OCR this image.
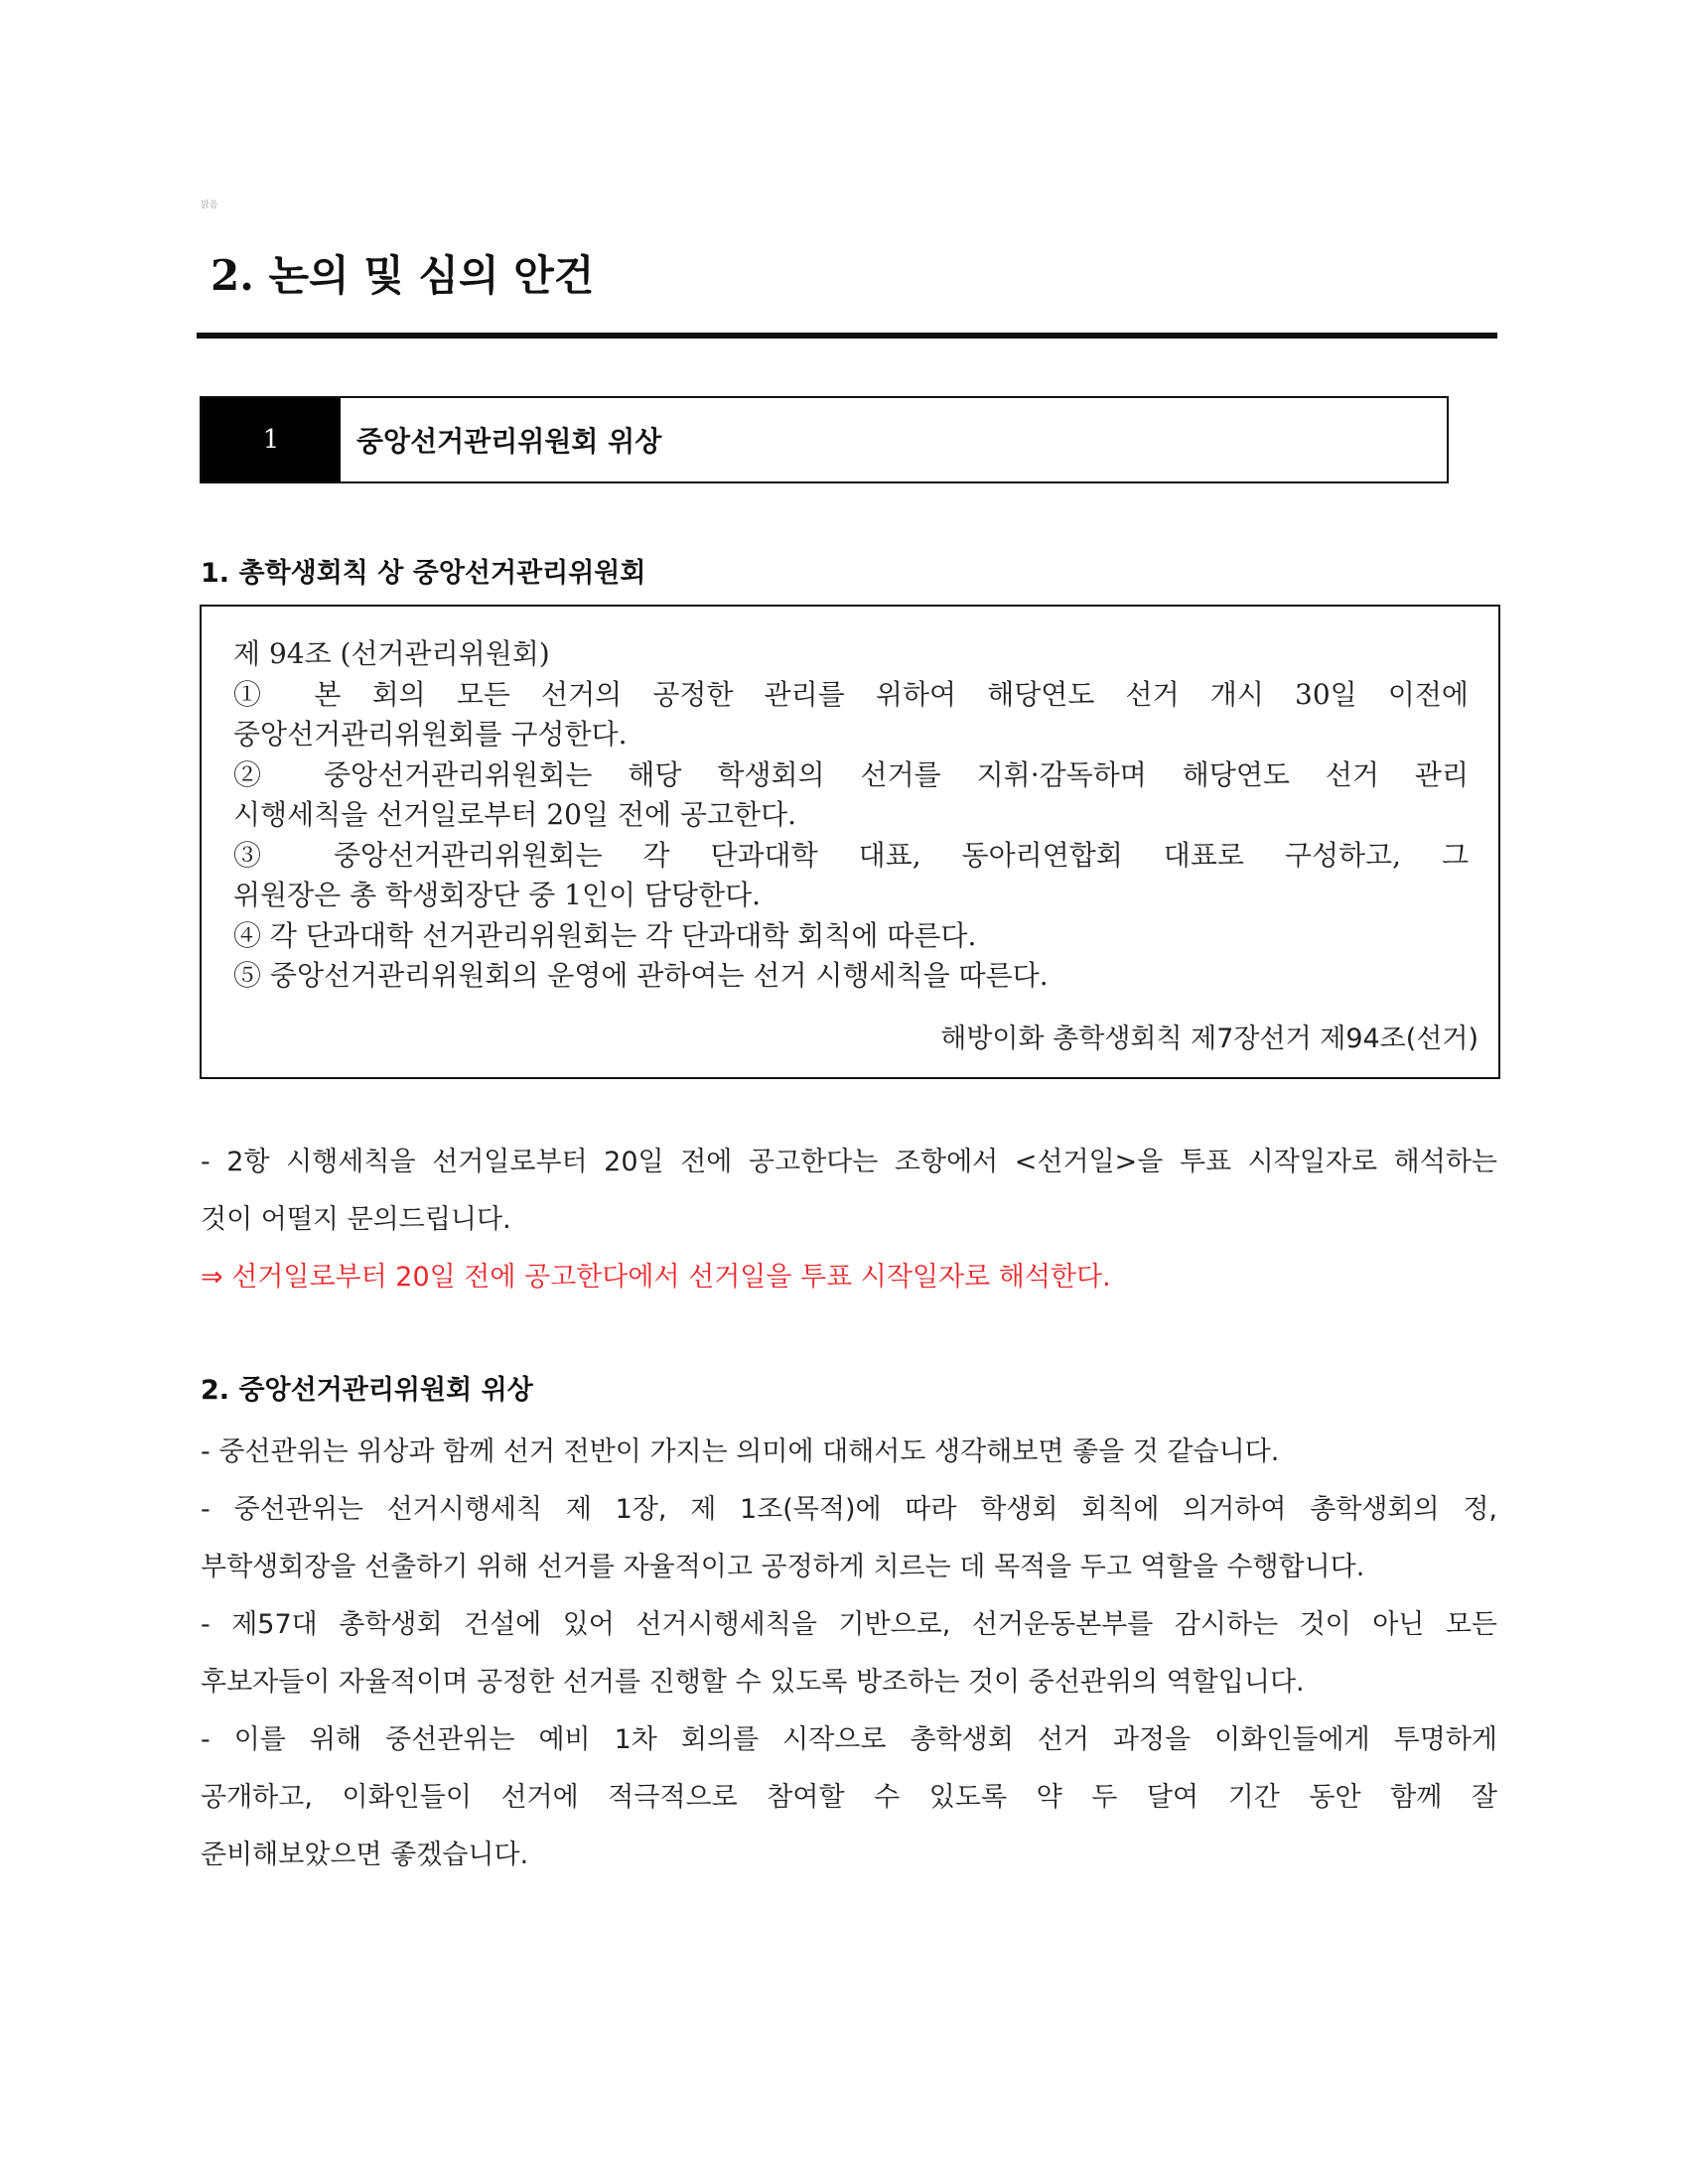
맑음
2. 논의 및 심의 안건
1	중앙선거관리위원회 위상
1. 총학생회칙 상 중앙선거관리위원회
제 94조 (선거관리위원회)
① 본 회의 모든 선거의 공정한 관리를 위하여 해당연도 선거 개시 30일 이전에
중앙선거관리위원회를 구성한다.
② 중앙선거관리위원회는 해당 학생회의 선거를 지휘·감독하며 해당연도 선거 관리
시행세칙을 선거일로부터 20일 전에 공고한다.
③ 중앙선거관리위원회는 각 단과대학 대표, 동아리연합회 대표로 구성하고, 그
위원장은 총 학생회장단 중 1인이 담당한다.
④ 각 단과대학 선거관리위원회는 각 단과대학 회칙에 따른다.
⑤ 중앙선거관리위원회의 운영에 관하여는 선거 시행세칙을 따른다.
해방이화 총학생회칙 제7장선거 제94조(선거)
- 2항 시행세칙을 선거일로부터 20일 전에 공고한다는 조항에서 <선거일>을 투표 시작일자로 해석하는
것이 어떨지 문의드립니다.
⇒ 선거일로부터 20일 전에 공고한다에서 선거일을 투표 시작일자로 해석한다.
2. 중앙선거관리위원회 위상
- 중선관위는 위상과 함께 선거 전반이 가지는 의미에 대해서도 생각해보면 좋을 것 같습니다.
- 중선관위는 선거시행세칙 제 1장, 제 1조(목적)에 따라 학생회 회칙에 의거하여 총학생회의 정,
부학생회장을 선출하기 위해 선거를 자율적이고 공정하게 치르는 데 목적을 두고 역할을 수행합니다.
- 제57대 총학생회 건설에 있어 선거시행세칙을 기반으로, 선거운동본부를 감시하는 것이 아닌 모든
후보자들이 자율적이며 공정한 선거를 진행할 수 있도록 방조하는 것이 중선관위의 역할입니다.
- 이를 위해 중선관위는 예비 1차 회의를 시작으로 총학생회 선거 과정을 이화인들에게 투명하게
공개하고, 이화인들이 선거에 적극적으로 참여할 수 있도록 약 두 달여 기간 동안 함께 잘
준비해보았으면 좋겠습니다.
